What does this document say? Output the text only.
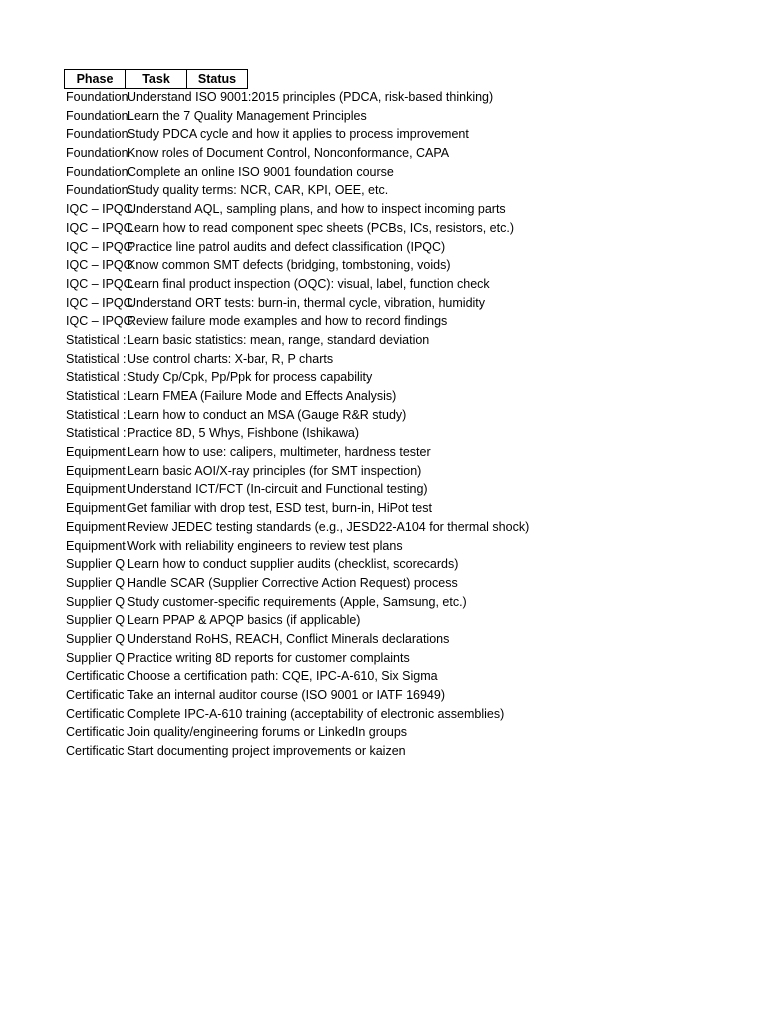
Phase	Task	Status
Foundation
Understand ISO 9001:2015 principles (PDCA, risk-based thinking)
Foundation
Learn the 7 Quality Management Principles
Foundation
Study PDCA cycle and how it applies to process improvement
Foundation
Know roles of Document Control, Nonconformance, CAPA
Foundation
Complete an online ISO 9001 foundation course
Foundation
Study quality terms: NCR, CAR, KPI, OEE, etc.
IQC – IPQC
Understand AQL, sampling plans, and how to inspect incoming parts
IQC – IPQC
Learn how to read component spec sheets (PCBs, ICs, resistors, etc.)
IQC – IPQC
Practice line patrol audits and defect classification (IPQC)
IQC – IPQC
Know common SMT defects (bridging, tombstoning, voids)
IQC – IPQC
Learn final product inspection (OQC): visual, label, function check
IQC – IPQC
Understand ORT tests: burn-in, thermal cycle, vibration, humidity
IQC – IPQC
Review failure mode examples and how to record findings
Statistical : Learn basic statistics: mean, range, standard deviation
Statistical : Use control charts: X-bar, R, P charts
Statistical : Study Cp/Cpk, Pp/Ppk for process capability
Statistical : Learn FMEA (Failure Mode and Effects Analysis)
Statistical : Learn how to conduct an MSA (Gauge R&R study)
Statistical : Practice 8D, 5 Whys, Fishbone (Ishikawa)
Equipment Learn how to use: calipers, multimeter, hardness tester
Equipment Learn basic AOI/X-ray principles (for SMT inspection)
Equipment Understand ICT/FCT (In-circuit and Functional testing)
Equipment Get familiar with drop test, ESD test, burn-in, HiPot test
Equipment Review JEDEC testing standards (e.g., JESD22-A104 for thermal shock)
Equipment Work with reliability engineers to review test plans
Supplier Q Learn how to conduct supplier audits (checklist, scorecards)
Supplier Q Handle SCAR (Supplier Corrective Action Request) process
Supplier Q Study customer-specific requirements (Apple, Samsung, etc.)
Supplier Q Learn PPAP & APQP basics (if applicable)
Supplier Q Understand RoHS, REACH, Conflict Minerals declarations
Supplier Q Practice writing 8D reports for customer complaints
Certificatic Choose a certification path: CQE, IPC-A-610, Six Sigma
Certificatic Take an internal auditor course (ISO 9001 or IATF 16949)
Certificatic Complete IPC-A-610 training (acceptability of electronic assemblies)
Certificatic Join quality/engineering forums or LinkedIn groups
Certificatic Start documenting project improvements or kaizen
